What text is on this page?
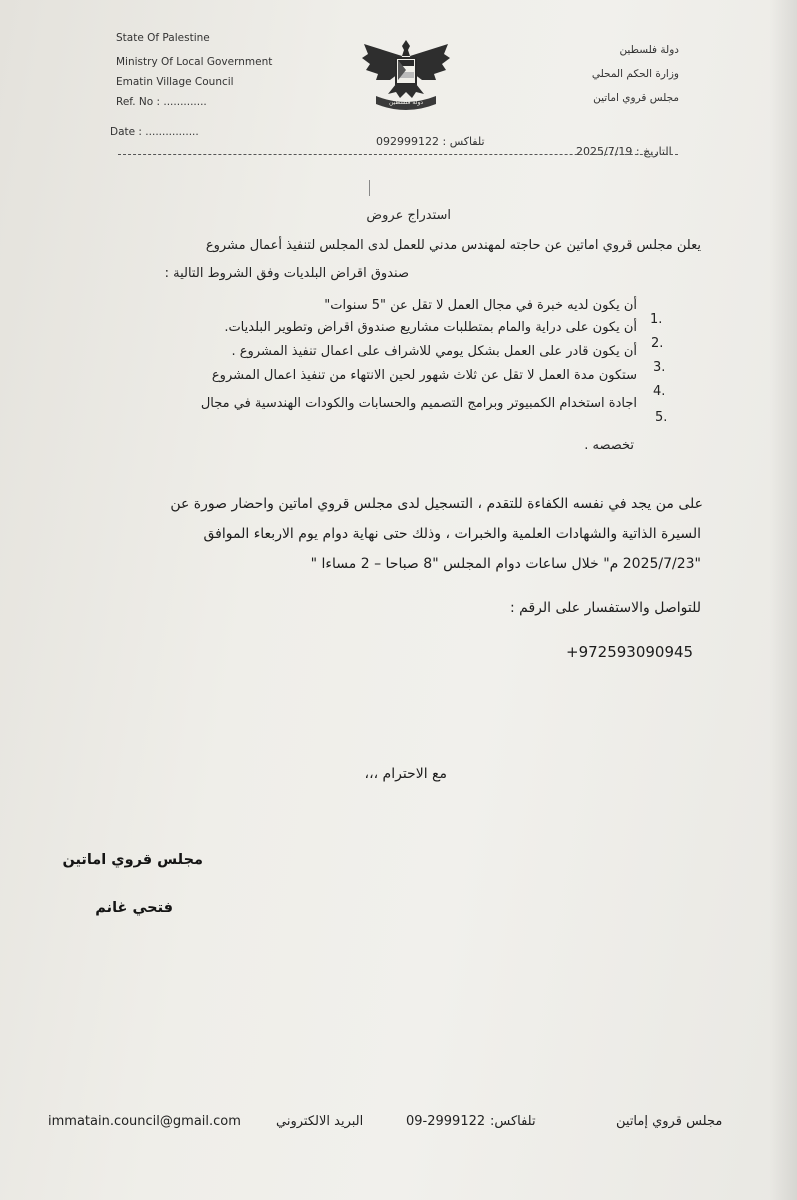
State Of Palestine
Ministry Of Local Government
Ematin Village Council
Ref. No : .............
Date : ................
دولة فلسطين
دولة فلسطين
وزارة الحكم المحلي
مجلس قروي اماتين
تلفاكس : 092999122
التاريخ : 2025/7/19
استدراج عروض
يعلن مجلس قروي اماتين عن حاجته لمهندس مدني للعمل لدى المجلس لتنفيذ أعمال مشروع
صندوق اقراض البلديات وفق الشروط التالية :
1.
أن يكون لديه خبرة في مجال العمل لا تقل عن "5 سنوات"
2.
أن يكون على دراية والمام بمتطلبات مشاريع صندوق اقراض وتطوير البلديات.
3.
أن يكون قادر على العمل بشكل يومي للاشراف على اعمال تنفيذ المشروع .
4.
ستكون مدة العمل لا تقل عن ثلاث شهور لحين الانتهاء من تنفيذ اعمال المشروع
5.
اجادة استخدام الكمبيوتر وبرامج التصميم والحسابات والكودات الهندسية في مجال
تخصصه .
على من يجد في نفسه الكفاءة للتقدم ، التسجيل لدى مجلس قروي اماتين واحضار صورة عن
السيرة الذاتية والشهادات العلمية والخبرات ، وذلك حتى نهاية دوام يوم الاربعاء الموافق
"2025/7/23 م" خلال ساعات دوام المجلس "8 صباحا – 2 مساءا "
للتواصل والاستفسار على الرقم :
+972593090945
مع الاحترام ،،،
مجلس قروي اماتين
فتحي غانم
immatain.council@gmail.com	البريد الالكتروني	09-2999122 تلفاكس:	مجلس قروي إماتين
